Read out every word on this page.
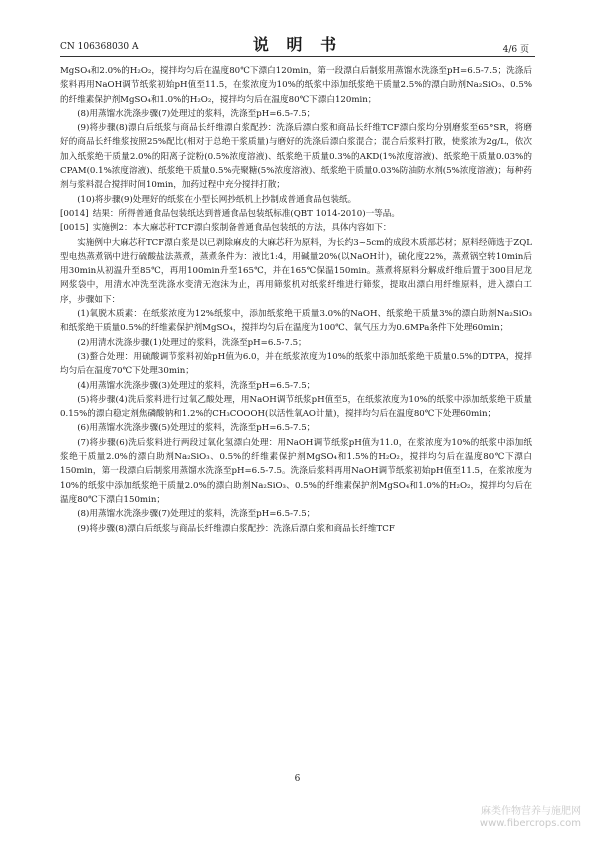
CN 106368030 A	说 明 书	4/6 页

MgSO₄和2.0%的H₂O₂，搅拌均匀后在温度80℃下漂白120min，第一段漂白后制浆用蒸馏水洗涤至pH=6.5-7.5；洗涤后浆料再用NaOH调节纸浆初始pH值至11.5，在浆浓度为10%的纸浆中添加纸浆绝干质量2.5%的漂白助剂Na₂SiO₃、0.5%的纤维素保护剂MgSO₄和1.0%的H₂O₂，搅拌均匀后在温度80℃下漂白120min；

(8)用蒸馏水洗涤步骤(7)处理过的浆料，洗涤至pH=6.5-7.5；

(9)将步骤(8)漂白后纸浆与商品长纤维漂白浆配抄：洗涤后漂白浆和商品长纤维TCF漂白浆均分别磨浆至65°SR，将磨好的商品长纤维浆按照25%配比(相对于总绝干浆质量)与磨好的洗涤后漂白浆混合；混合后浆料打散，使浆浓为2g/L，依次加入纸浆绝干质量2.0%的阳离子淀粉(0.5%浓度溶液)、纸浆绝干质量0.3%的AKD(1%浓度溶液)、纸浆绝干质量0.03%的CPAM(0.1%浓度溶液)、纸浆绝干质量0.5%壳聚糖(5%浓度溶液)、纸浆绝干质量0.03%防油防水剂(5%浓度溶液)；每种药剂与浆料混合搅拌时间10min，加药过程中充分搅拌打散；

(10)将步骤(9)处理好的纸浆在小型长网抄纸机上抄制成普通食品包装纸。

[0014] 结果：所得普通食品包装纸达到普通食品包装纸标准(QBT 1014-2010)一等品。

[0015] 实施例2：本大麻芯秆TCF漂白浆制备普通食品包装纸的方法，具体内容如下：

实施例中大麻芯秆TCF漂白浆是以已剥除麻皮的大麻芯秆为原料，为长约3~5cm的成段木质部芯材；原料经筛选于ZQL型电热蒸煮锅中进行硫酸盐法蒸煮，蒸煮条件为：液比1:4，用碱量20%(以NaOH计)，硫化度22%，蒸煮锅空转10min后用30min从初温升至85℃，再用100min升至165℃，并在165℃保温150min。蒸煮将原料分解成纤维后置于300目尼龙网浆袋中，用清水冲洗至洗涤水变清无泡沫为止，再用筛浆机对纸浆纤维进行筛浆，提取出漂白用纤维原料，进入漂白工序，步骤如下：

(1)氧脱木质素：在纸浆浓度为12%纸浆中，添加纸浆绝干质量3.0%的NaOH、纸浆绝干质量3%的漂白助剂Na₂SiO₃和纸浆绝干质量0.5%的纤维素保护剂MgSO₄，搅拌均匀后在温度为100℃、氧气压力为0.6MPa条件下处理60min；

(2)用清水洗涤步骤(1)处理过的浆料，洗涤至pH=6.5-7.5；

(3)螯合处理：用硫酸调节浆料初始pH值为6.0，并在纸浆浓度为10%的纸浆中添加纸浆绝干质量0.5%的DTPA，搅拌均匀后在温度70℃下处理30min；

(4)用蒸馏水洗涤步骤(3)处理过的浆料，洗涤至pH=6.5-7.5；

(5)将步骤(4)洗后浆料进行过氧乙酸处理，用NaOH调节纸浆pH值至5，在纸浆浓度为10%的纸浆中添加纸浆绝干质量0.15%的漂白稳定剂焦磷酸钠和1.2%的CH₃COOOH(以活性氧AO计量)，搅拌均匀后在温度80℃下处理60min；

(6)用蒸馏水洗涤步骤(5)处理过的浆料，洗涤至pH=6.5-7.5；

(7)将步骤(6)洗后浆料进行两段过氧化氢漂白处理：用NaOH调节纸浆pH值为11.0，在浆浓度为10%的纸浆中添加纸浆绝干质量2.0%的漂白助剂Na₂SiO₃、0.5%的纤维素保护剂MgSO₄和1.5%的H₂O₂，搅拌均匀后在温度80℃下漂白150min，第一段漂白后制浆用蒸馏水洗涤至pH=6.5-7.5。洗涤后浆料再用NaOH调节纸浆初始pH值至11.5，在浆浓度为10%的纸浆中添加纸浆绝干质量2.0%的漂白助剂Na₂SiO₃、0.5%的纤维素保护剂MgSO₄和1.0%的H₂O₂，搅拌均匀后在温度80℃下漂白150min；

(8)用蒸馏水洗涤步骤(7)处理过的浆料，洗涤至pH=6.5-7.5；

(9)将步骤(8)漂白后纸浆与商品长纤维漂白浆配抄：洗涤后漂白浆和商品长纤维TCF

6
麻类作物营养与施肥网
www.fibercrops.com
